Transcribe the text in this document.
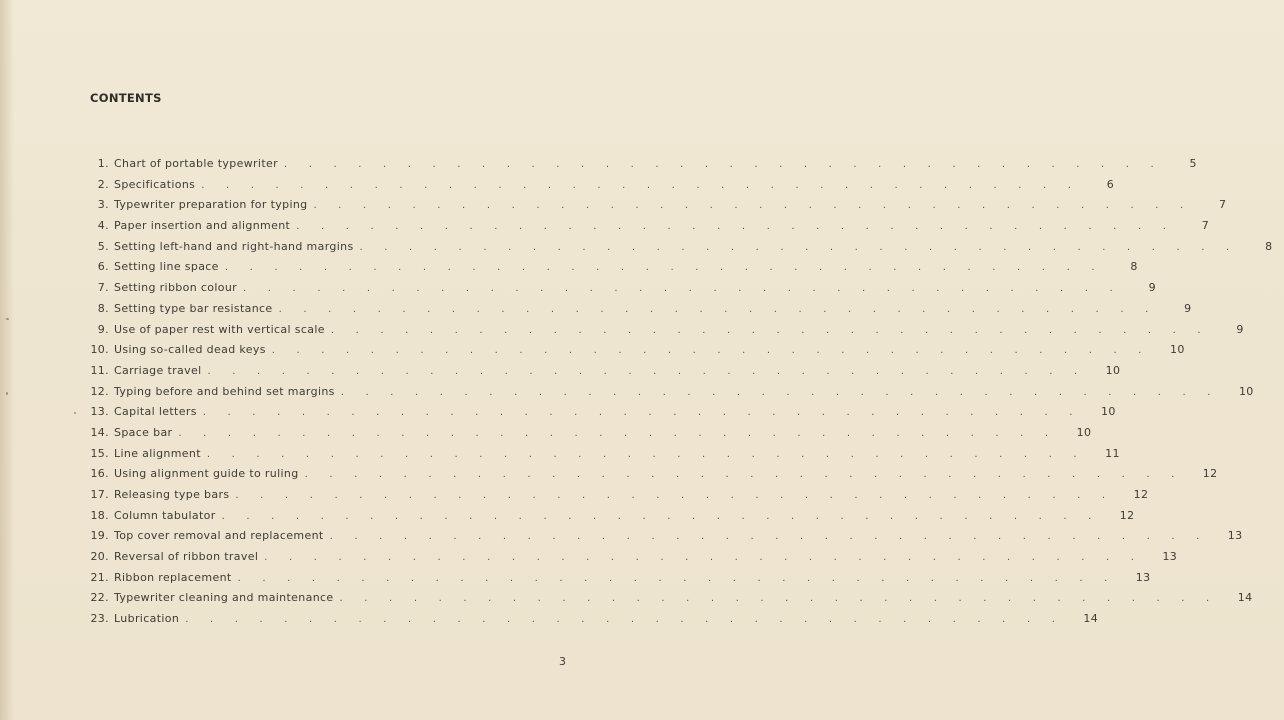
CONTENTS
1. Chart of portable typewriter . . . . . . . . . . . . . . . . . . . . . . . . . . . . . . . . . . . .	5
2. Specifications . . . . . . . . . . . . . . . . . . . . . . . . . . . . . . . . . . . .	6
3. Typewriter preparation for typing . . . . . . . . . . . . . . . . . . . . . . . . . . . . . . . . . . . .	7
4. Paper insertion and alignment . . . . . . . . . . . . . . . . . . . . . . . . . . . . . . . . . . . .	7
5. Setting left-hand and right-hand margins . . . . . . . . . . . . . . . . . . . . . . . . . . . . . . . . . . . .	8
6. Setting line space . . . . . . . . . . . . . . . . . . . . . . . . . . . . . . . . . . . .	8
7. Setting ribbon colour . . . . . . . . . . . . . . . . . . . . . . . . . . . . . . . . . . . .	9
8. Setting type bar resistance . . . . . . . . . . . . . . . . . . . . . . . . . . . . . . . . . . . .	9
9. Use of paper rest with vertical scale . . . . . . . . . . . . . . . . . . . . . . . . . . . . . . . . . . . .	9
10. Using so-called dead keys . . . . . . . . . . . . . . . . . . . . . . . . . . . . . . . . . . . .	10
11. Carriage travel . . . . . . . . . . . . . . . . . . . . . . . . . . . . . . . . . . . .	10
12. Typing before and behind set margins . . . . . . . . . . . . . . . . . . . . . . . . . . . . . . . . . . . .	10
13. Capital letters . . . . . . . . . . . . . . . . . . . . . . . . . . . . . . . . . . . .	10
14. Space bar . . . . . . . . . . . . . . . . . . . . . . . . . . . . . . . . . . . .	10
15. Line alignment . . . . . . . . . . . . . . . . . . . . . . . . . . . . . . . . . . . .	11
16. Using alignment guide to ruling . . . . . . . . . . . . . . . . . . . . . . . . . . . . . . . . . . . .	12
17. Releasing type bars . . . . . . . . . . . . . . . . . . . . . . . . . . . . . . . . . . . .	12
18. Column tabulator . . . . . . . . . . . . . . . . . . . . . . . . . . . . . . . . . . . .	12
19. Top cover removal and replacement . . . . . . . . . . . . . . . . . . . . . . . . . . . . . . . . . . . .	13
20. Reversal of ribbon travel . . . . . . . . . . . . . . . . . . . . . . . . . . . . . . . . . . . .	13
21. Ribbon replacement . . . . . . . . . . . . . . . . . . . . . . . . . . . . . . . . . . . .	13
22. Typewriter cleaning and maintenance . . . . . . . . . . . . . . . . . . . . . . . . . . . . . . . . . . . .	14
23. Lubrication . . . . . . . . . . . . . . . . . . . . . . . . . . . . . . . . . . . .	14
3
